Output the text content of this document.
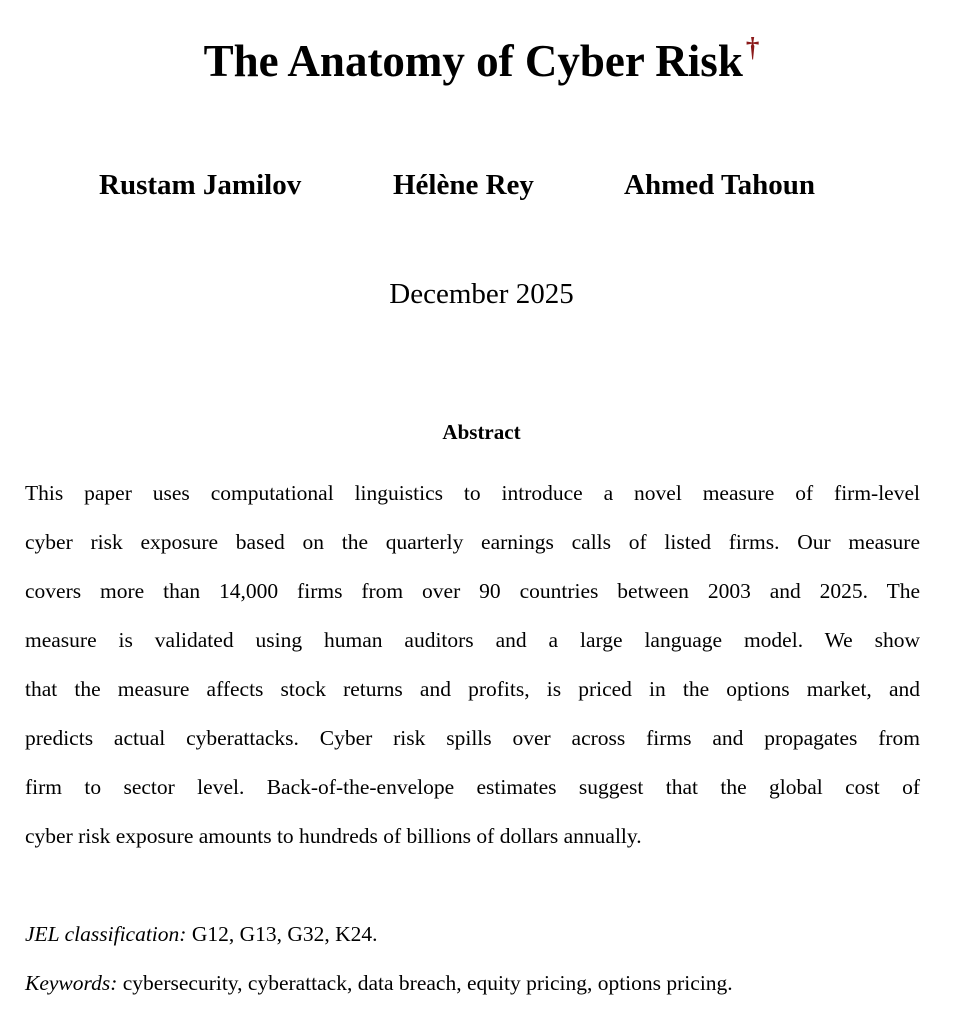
The Anatomy of Cyber Risk †
Rustam Jamilov	Hélène Rey	Ahmed Tahoun
December 2025
Abstract
This paper uses computational linguistics to introduce a novel measure of firm-level
cyber risk exposure based on the quarterly earnings calls of listed firms. Our measure
covers more than 14,000 firms from over 90 countries between 2003 and 2025. The
measure is validated using human auditors and a large language model. We show
that the measure affects stock returns and profits, is priced in the options market, and
predicts actual cyberattacks. Cyber risk spills over across firms and propagates from
firm to sector level. Back-of-the-envelope estimates suggest that the global cost of
cyber risk exposure amounts to hundreds of billions of dollars annually.
JEL classification: G12, G13, G32, K24.
Keywords: cybersecurity, cyberattack, data breach, equity pricing, options pricing.
